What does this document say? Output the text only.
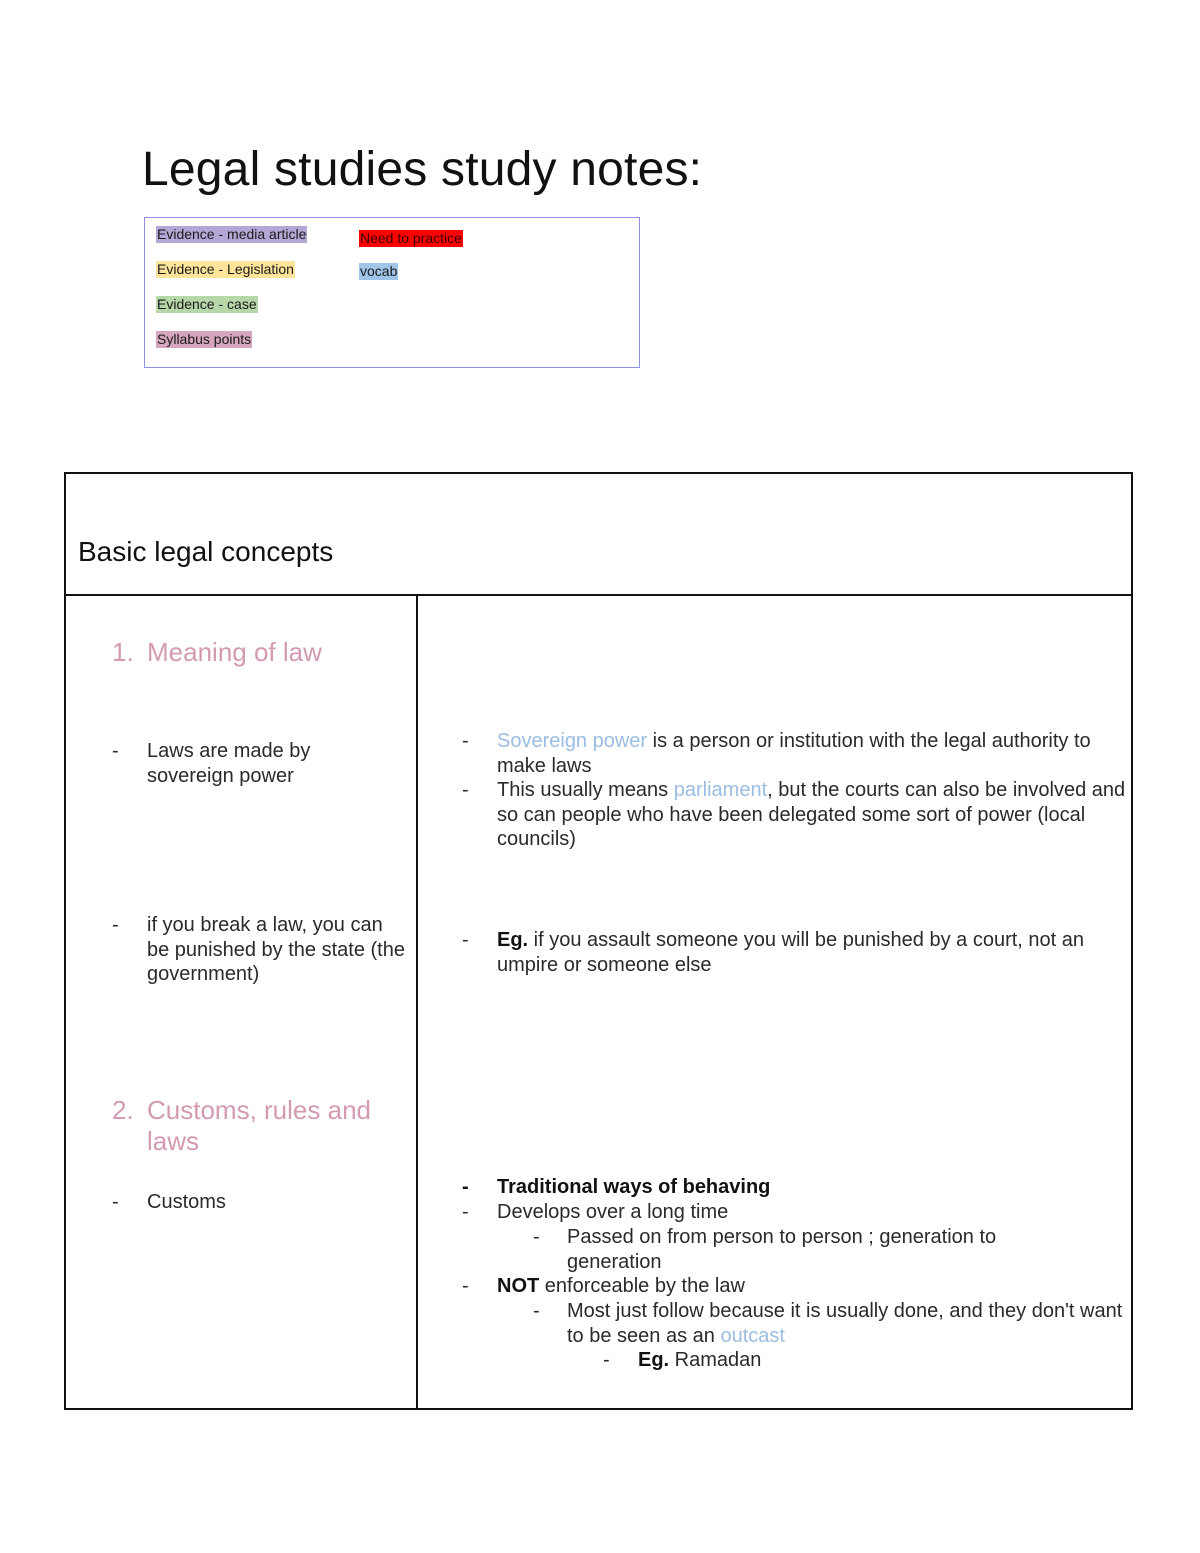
Legal studies study notes:
Evidence - media article
Evidence - Legislation
Evidence - case
Syllabus points
Need to practice
vocab
Basic legal concepts
1. Meaning of law
- Laws are made by sovereign power
- if you break a law, you can be punished by the state (the government)
2. Customs, rules and laws
- Customs
- Sovereign power is a person or institution with the legal authority to make laws
- This usually means parliament, but the courts can also be involved and so can people who have been delegated some sort of power (local councils)
- Eg. if you assault someone you will be punished by a court, not an umpire or someone else
- Traditional ways of behaving
- Develops over a long time
- Passed on from person to person ; generation to generation
- NOT enforceable by the law
- Most just follow because it is usually done, and they don't want to be seen as an outcast
- Eg. Ramadan
